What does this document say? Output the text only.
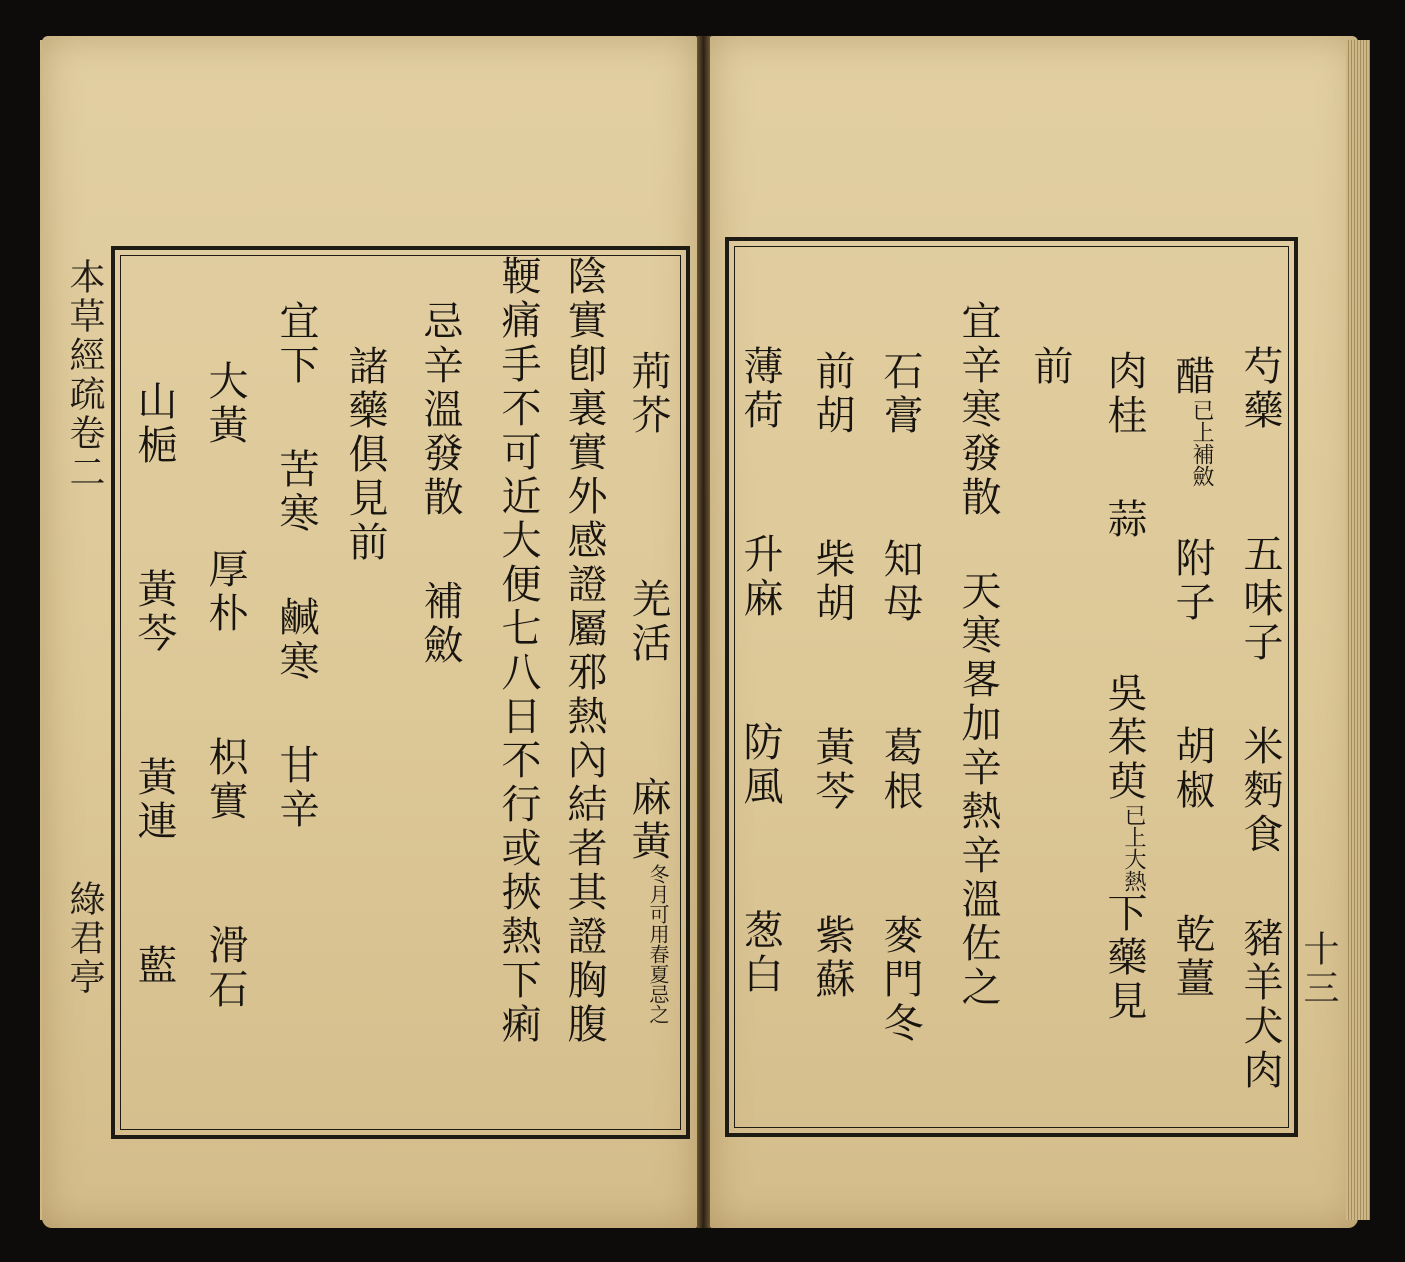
本草經疏卷二
綠君亭	十三
荊芥羌活麻黃冬月可用春夏忌之
陰實卽裏實外感證屬邪熱內結者其證胸腹
鞕痛手不可近大便七八日不行或挾熱下痢
忌辛溫發散補斂
諸藥俱見前
宜下苦寒鹹寒甘辛
大黃厚朴枳實滑石
山梔黃芩黃連藍
芍藥五味子米麪食豬羊犬肉
醋已上補斂附子胡椒乾薑
肉桂蒜吳茱萸已上大熱下藥見
前
宜辛寒發散天寒畧加辛熱辛溫佐之
石膏知母葛根麥門冬
前胡柴胡黃芩紫蘇
薄荷升麻防風葱白
